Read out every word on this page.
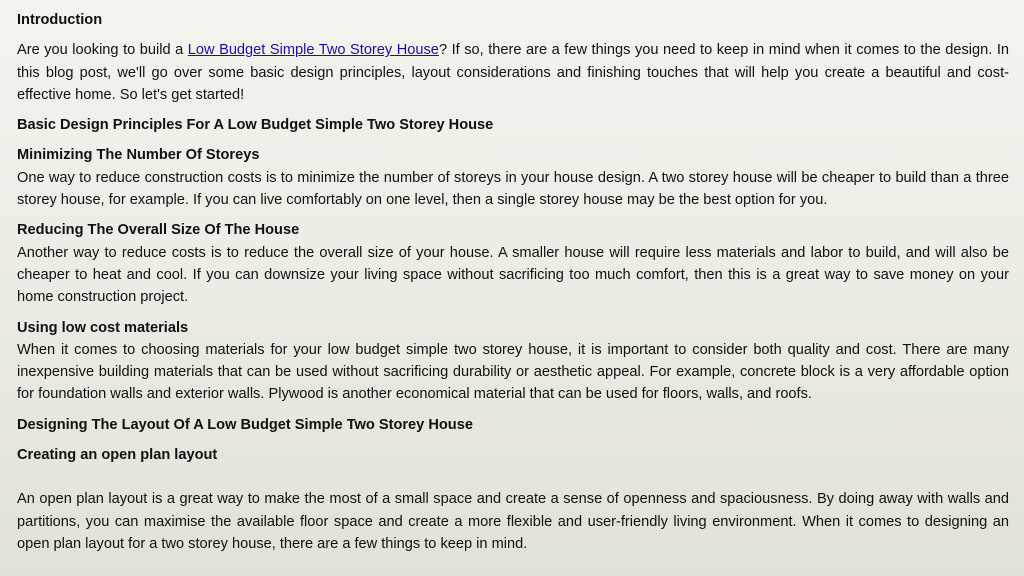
Introduction
Are you looking to build a Low Budget Simple Two Storey House? If so, there are a few things you need to keep in mind when it comes to the design. In this blog post, we'll go over some basic design principles, layout considerations and finishing touches that will help you create a beautiful and cost-effective home. So let's get started!
Basic Design Principles For A Low Budget Simple Two Storey House
Minimizing The Number Of Storeys
One way to reduce construction costs is to minimize the number of storeys in your house design. A two storey house will be cheaper to build than a three storey house, for example. If you can live comfortably on one level, then a single storey house may be the best option for you.
Reducing The Overall Size Of The House
Another way to reduce costs is to reduce the overall size of your house. A smaller house will require less materials and labor to build, and will also be cheaper to heat and cool. If you can downsize your living space without sacrificing too much comfort, then this is a great way to save money on your home construction project.
Using low cost materials
When it comes to choosing materials for your low budget simple two storey house, it is important to consider both quality and cost. There are many inexpensive building materials that can be used without sacrificing durability or aesthetic appeal. For example, concrete block is a very affordable option for foundation walls and exterior walls. Plywood is another economical material that can be used for floors, walls, and roofs.
Designing The Layout Of A Low Budget Simple Two Storey House
Creating an open plan layout
An open plan layout is a great way to make the most of a small space and create a sense of openness and spaciousness. By doing away with walls and partitions, you can maximise the available floor space and create a more flexible and user-friendly living environment. When it comes to designing an open plan layout for a two storey house, there are a few things to keep in mind.
